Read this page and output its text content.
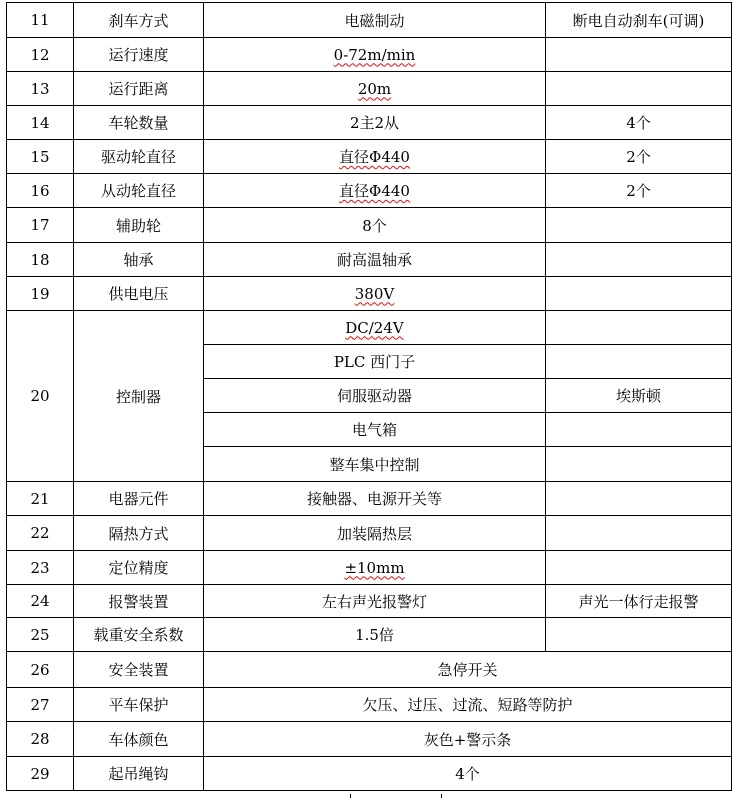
11	刹车方式	电磁制动	断电自动刹车(可调)
12	运行速度	0-72m/min	
13	运行距离	20m	
14	车轮数量	2主2从	4个
15	驱动轮直径	直径Φ440	2个
16	从动轮直径	直径Φ440	2个
17	辅助轮	8个	
18	轴承	耐高温轴承	
19	供电电压	380V	
20	控制器	DC/24V	
		PLC 西门子	
		伺服驱动器	埃斯顿
		电气箱	
		整车集中控制	
21	电器元件	接触器、电源开关等	
22	隔热方式	加装隔热层	
23	定位精度	±10mm	
24	报警装置	左右声光报警灯	声光一体行走报警
25	载重安全系数	1.5倍	
26	安全装置	急停开关	
27	平车保护	欠压、过压、过流、短路等防护	
28	车体颜色	灰色+警示条	
29	起吊绳钩	4个	
